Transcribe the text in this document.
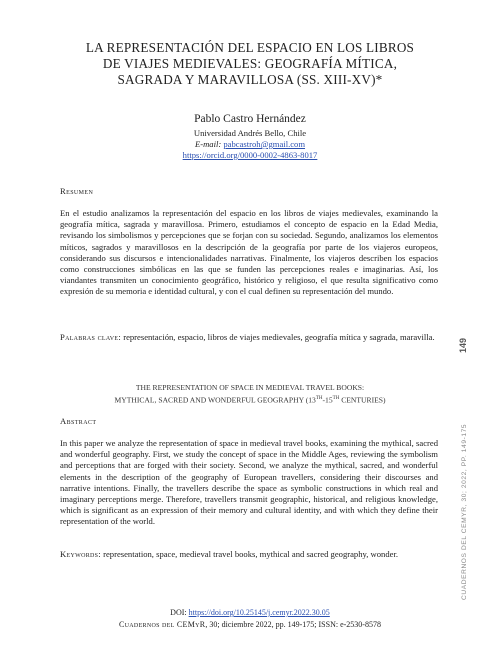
LA REPRESENTACIÓN DEL ESPACIO EN LOS LIBROS
DE VIAJES MEDIEVALES: GEOGRAFÍA MÍTICA,
SAGRADA Y MARAVILLOSA (SS. XIII-XV)*
Pablo Castro Hernández
Universidad Andrés Bello, Chile
E-mail: pabcastroh@gmail.com
https://orcid.org/0000-0002-4863-8017
Resumen
En el estudio analizamos la representación del espacio en los libros de viajes medievales, examinando la geografía mítica, sagrada y maravillosa. Primero, estudiamos el concepto de espacio en la Edad Media, revisando los simbolismos y percepciones que se forjan con su sociedad. Segundo, analizamos los elementos míticos, sagrados y maravillosos en la descripción de la geografía por parte de los viajeros europeos, considerando sus discursos e intencionalidades narrativas. Finalmente, los viajeros describen los espacios como construcciones simbólicas en las que se funden las percepciones reales e imaginarias. Así, los viandantes transmiten un conocimiento geográfico, histórico y religioso, el que resulta significativo como expresión de su memoria e identidad cultural, y con el cual definen su representación del mundo.
Palabras clave: representación, espacio, libros de viajes medievales, geografía mítica y sagrada, maravilla.
THE REPRESENTATION OF SPACE IN MEDIEVAL TRAVEL BOOKS:
MYTHICAL, SACRED AND WONDERFUL GEOGRAPHY (13TH-15TH CENTURIES)
Abstract
In this paper we analyze the representation of space in medieval travel books, examining the mythical, sacred and wonderful geography. First, we study the concept of space in the Middle Ages, reviewing the symbolism and perceptions that are forged with their society. Second, we analyze the mythical, sacred, and wonderful elements in the description of the geography of European travellers, considering their discourses and narrative intentions. Finally, the travellers describe the space as symbolic constructions in which real and imaginary perceptions merge. Therefore, travellers transmit geographic, historical, and religious knowledge, which is significant as an expression of their memory and cultural identity, and with which they define their representation of the world.
Keywords: representation, space, medieval travel books, mythical and sacred geography, wonder.
DOI: https://doi.org/10.25145/j.cemyr.2022.30.05
Cuadernos del CEMyR, 30; diciembre 2022, pp. 149-175; ISSN: e-2530-8578
149
CUADERNOS DEL CEMYR, 30; 2022, PP. 149-175
